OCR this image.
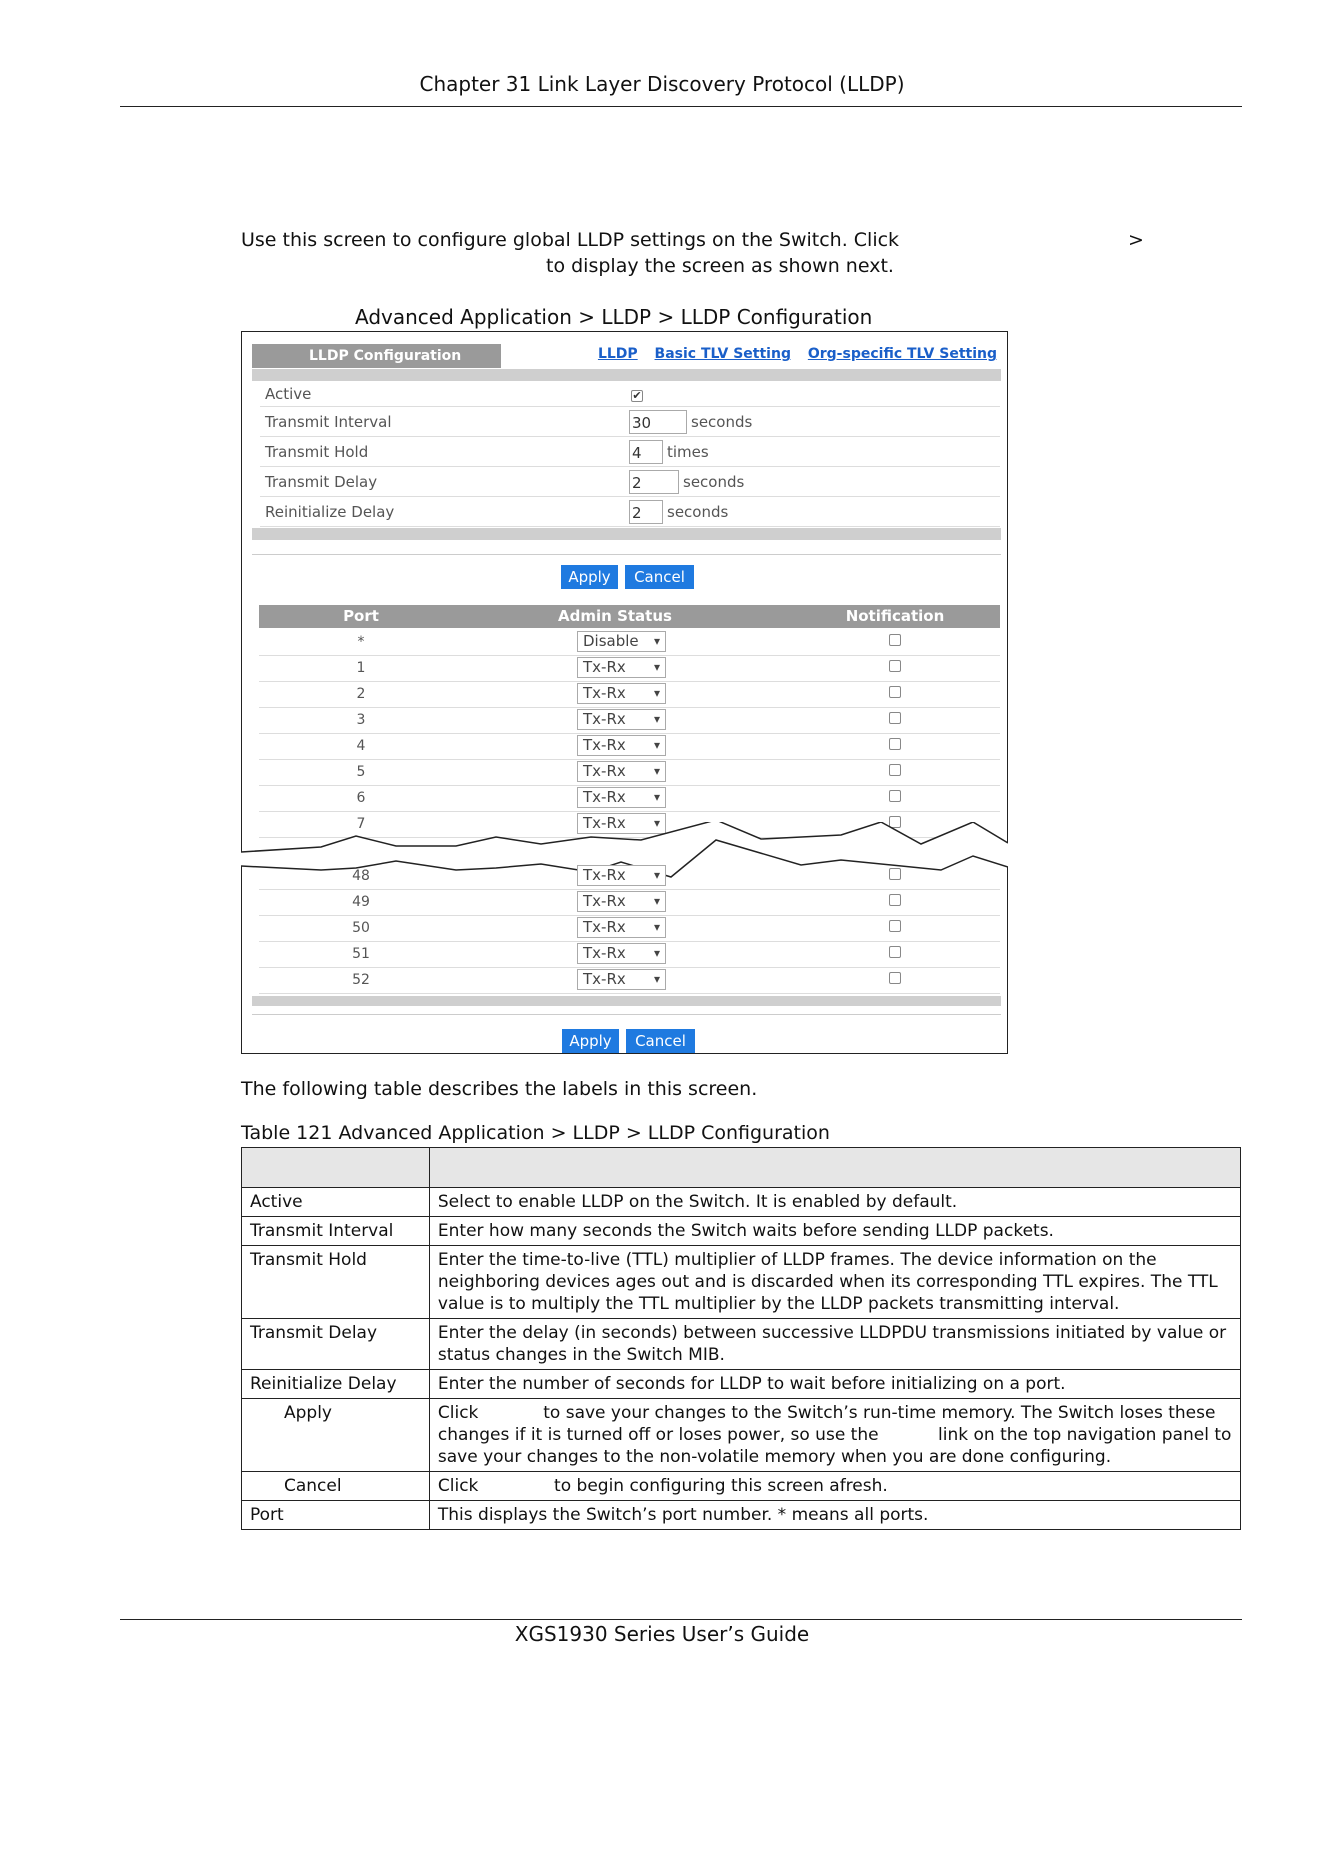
Chapter 31 Link Layer Discovery Protocol (LLDP)
Use this screen to configure global LLDP settings on the Switch. Click	>
to display the screen as shown next.
Advanced Application > LLDP > LLDP Configuration
LLDP Configuration	LLDP Basic TLV Setting Org-specific TLV Setting
Active	✔
Transmit Interval	30	seconds
Transmit Hold	4 times
Transmit Delay	2	seconds
Reinitialize Delay	2 seconds
Apply	Cancel
Port	Admin Status	Notification
*	Disable ▾
1	Tx-Rx ▾
2	Tx-Rx ▾
3	Tx-Rx ▾
4	Tx-Rx ▾
5	Tx-Rx ▾
6	Tx-Rx ▾
7	Tx-Rx ▾
48	Tx-Rx ▾
49	Tx-Rx ▾
50	Tx-Rx ▾
51	Tx-Rx ▾
52	Tx-Rx ▾
Apply	Cancel
The following table describes the labels in this screen.
Table 121 Advanced Application > LLDP > LLDP Configuration

Active	Select to enable LLDP on the Switch. It is enabled by default.
Transmit Interval	Enter how many seconds the Switch waits before sending LLDP packets.
Transmit Hold	Enter the time-to-live (TTL) multiplier of LLDP frames. The device information on the neighboring devices ages out and is discarded when its corresponding TTL expires. The TTL value is to multiply the TTL multiplier by the LLDP packets transmitting interval.
Transmit Delay	Enter the delay (in seconds) between successive LLDPDU transmissions initiated by value or status changes in the Switch MIB.
Reinitialize Delay	Enter the number of seconds for LLDP to wait before initializing on a port.
Apply	Click            to save your changes to the Switch’s run-time memory. The Switch loses these changes if it is turned off or loses power, so use the           link on the top navigation panel to save your changes to the non-volatile memory when you are done configuring.
Cancel	Click              to begin configuring this screen afresh.
Port	This displays the Switch’s port number. * means all ports.
XGS1930 Series User’s Guide
